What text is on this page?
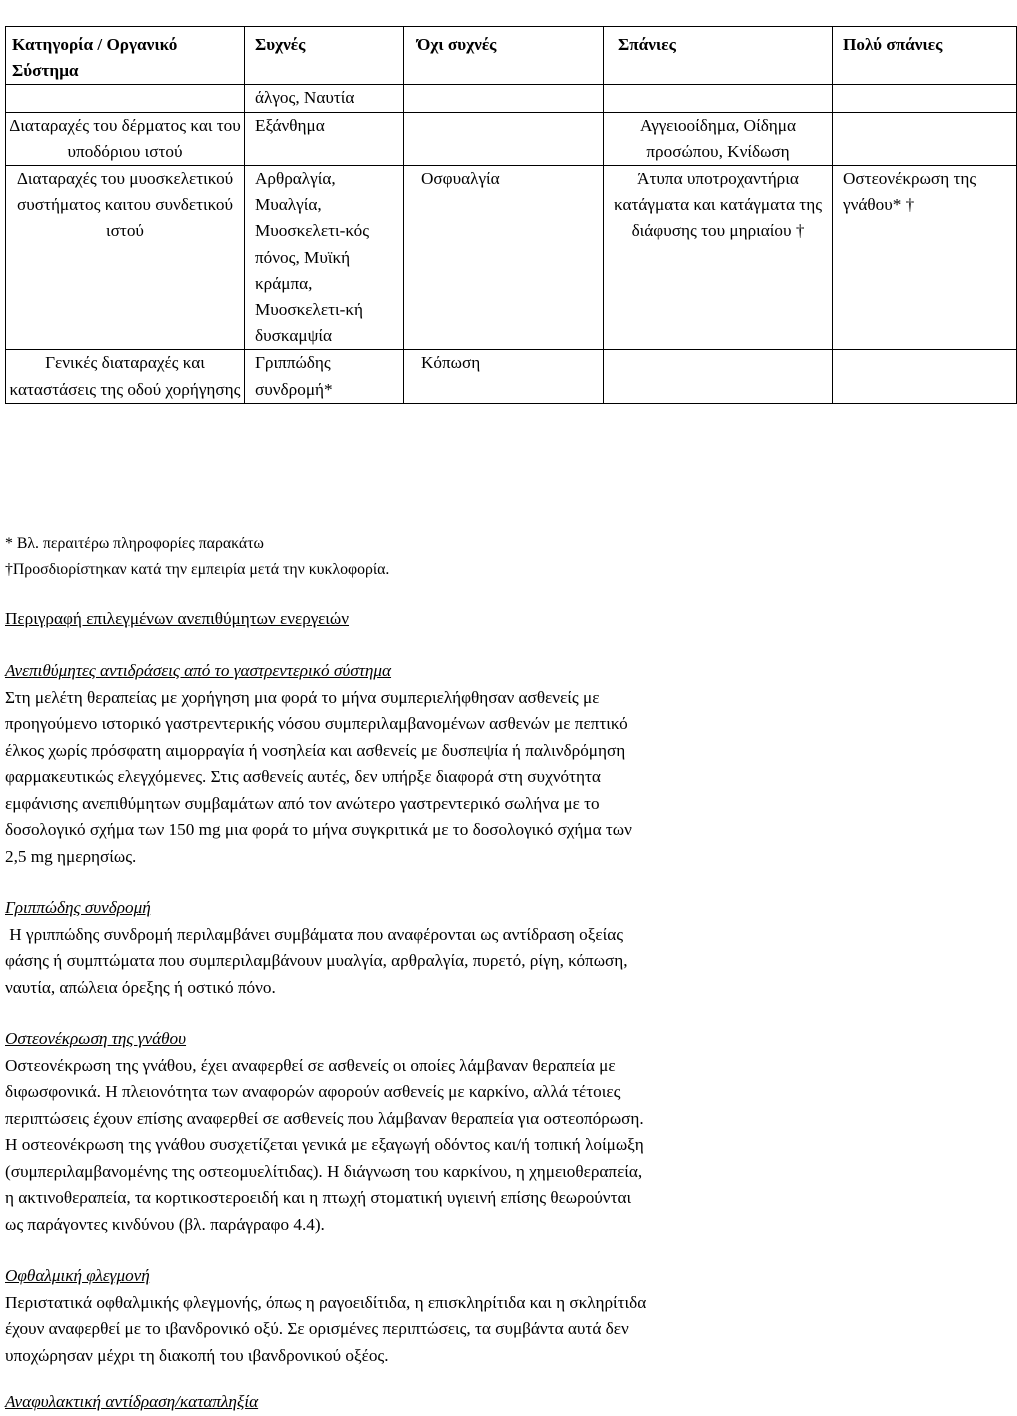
Κατηγορία / Οργανικό Σύστημα	Συχνές	Όχι συχνές	Σπάνιες	Πολύ σπάνιες
	άλγος, Ναυτία			
Διαταραχές του δέρματος και του υποδόριου ιστού	Εξάνθημα		Αγγειοοίδημα, Οίδημα προσώπου, Κνίδωση	
Διαταραχές του μυοσκελετικού συστήματος καιτου συνδετικού ιστού	Αρθραλγία, Μυαλγία, Μυοσκελετι-κός πόνος, Μυϊκή κράμπα, Μυοσκελετι-κή δυσκαμψία	Οσφυαλγία	Άτυπα υποτροχαντήρια κατάγματα και κατάγματα της διάφυσης του μηριαίου †	Οστεονέκρωση της γνάθου* †
Γενικές διαταραχές και καταστάσεις της οδού χορήγησης	Γριππώδης συνδρομή*	Κόπωση		
* Βλ. περαιτέρω πληροφορίες παρακάτω
†Προσδιορίστηκαν κατά την εμπειρία μετά την κυκλοφορία.
Περιγραφή επιλεγμένων ανεπιθύμητων ενεργειών
Ανεπιθύμητες αντιδράσεις από το γαστρεντερικό σύστημα
Στη μελέτη θεραπείας με χορήγηση μια φορά το μήνα συμπεριελήφθησαν ασθενείς με
προηγούμενο ιστορικό γαστρεντερικής νόσου συμπεριλαμβανομένων ασθενών με πεπτικό
έλκος χωρίς πρόσφατη αιμορραγία ή νοσηλεία και ασθενείς με δυσπεψία ή παλινδρόμηση
φαρμακευτικώς ελεγχόμενες. Στις ασθενείς αυτές, δεν υπήρξε διαφορά στη συχνότητα
εμφάνισης ανεπιθύμητων συμβαμάτων από τον ανώτερο γαστρεντερικό σωλήνα με το
δοσολογικό σχήμα των 150 mg μια φορά το μήνα συγκριτικά με το δοσολογικό σχήμα των
2,5 mg ημερησίως.
Γριππώδης συνδρομή
Η γριππώδης συνδρομή περιλαμβάνει συμβάματα που αναφέρονται ως αντίδραση οξείας
φάσης ή συμπτώματα που συμπεριλαμβάνουν μυαλγία, αρθραλγία, πυρετό, ρίγη, κόπωση,
ναυτία, απώλεια όρεξης ή οστικό πόνο.
Οστεονέκρωση της γνάθου
Οστεονέκρωση της γνάθου, έχει αναφερθεί σε ασθενείς οι οποίες λάμβαναν θεραπεία με
διφωσφονικά. Η πλειονότητα των αναφορών αφορούν ασθενείς με καρκίνο, αλλά τέτοιες
περιπτώσεις έχουν επίσης αναφερθεί σε ασθενείς που λάμβαναν θεραπεία για οστεοπόρωση.
Η οστεονέκρωση της γνάθου συσχετίζεται γενικά με εξαγωγή οδόντος και/ή τοπική λοίμωξη
(συμπεριλαμβανομένης της οστεομυελίτιδας). Η διάγνωση του καρκίνου, η χημειοθεραπεία,
η ακτινοθεραπεία, τα κορτικοστεροειδή και η πτωχή στοματική υγιεινή επίσης θεωρούνται
ως παράγοντες κινδύνου (βλ. παράγραφο 4.4).
Οφθαλμική φλεγμονή
Περιστατικά οφθαλμικής φλεγμονής, όπως η ραγοειδίτιδα, η επισκληρίτιδα και η σκληρίτιδα
έχουν αναφερθεί με το ιβανδρονικό οξύ. Σε ορισμένες περιπτώσεις, τα συμβάντα αυτά δεν
υποχώρησαν μέχρι τη διακοπή του ιβανδρονικού οξέος.
Αναφυλακτική αντίδραση/καταπληξία
